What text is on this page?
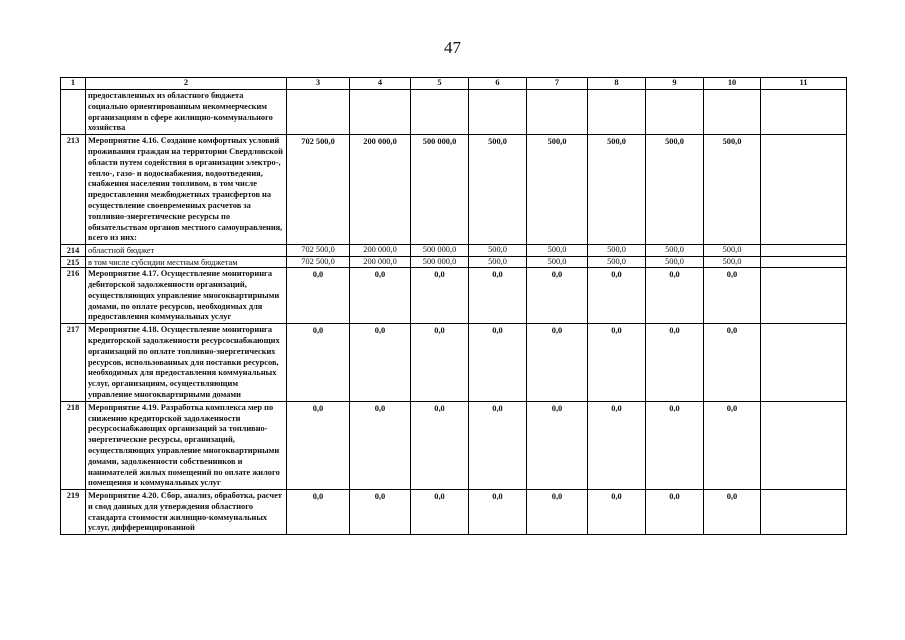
47
1	2	3	4	5	6	7	8	9	10	11
	предоставленных из областного бюджета социально ориентированным некоммерческим организациям в сфере жилищно-коммунального хозяйства									
213	Мероприятие 4.16. Создание комфортных условий проживания граждан на территории Свердловской области путем содействия в организации электро-, тепло-, газо- и водоснабжения, водоотведения, снабжения населения топливом, в том числе предоставления межбюджетных трансфертов на осуществление своевременных расчетов за топливно-энергетические ресурсы по обязательствам органов местного самоуправления, всего из них:	702 500,0	200 000,0	500 000,0	500,0	500,0	500,0	500,0	500,0	
214	областной бюджет	702 500,0	200 000,0	500 000,0	500,0	500,0	500,0	500,0	500,0	
215	в том числе субсидии местным бюджетам	702 500,0	200 000,0	500 000,0	500,0	500,0	500,0	500,0	500,0	
216	Мероприятие 4.17. Осуществление мониторинга дебиторской задолженности организаций, осуществляющих управление многоквартирными домами, по оплате ресурсов, необходимых для предоставления коммунальных услуг	0,0	0,0	0,0	0,0	0,0	0,0	0,0	0,0	
217	Мероприятие 4.18. Осуществление мониторинга кредиторской задолженности ресурсоснабжающих организаций по оплате топливно-энергетических ресурсов, использованных для поставки ресурсов, необходимых для предоставления коммунальных услуг, организациям, осуществляющим управление многоквартирными домами	0,0	0,0	0,0	0,0	0,0	0,0	0,0	0,0	
218	Мероприятие 4.19. Разработка комплекса мер по снижению кредиторской задолженности ресурсоснабжающих организаций за топливно-энергетические ресурсы, организаций, осуществляющих управление многоквартирными домами, задолженности собственников и нанимателей жилых помещений по оплате жилого помещения и коммунальных услуг	0,0	0,0	0,0	0,0	0,0	0,0	0,0	0,0	
219	Мероприятие 4.20. Сбор, анализ, обработка, расчет и свод данных для утверждения областного стандарта стоимости жилищно-коммунальных услуг, дифференцированной	0,0	0,0	0,0	0,0	0,0	0,0	0,0	0,0	
